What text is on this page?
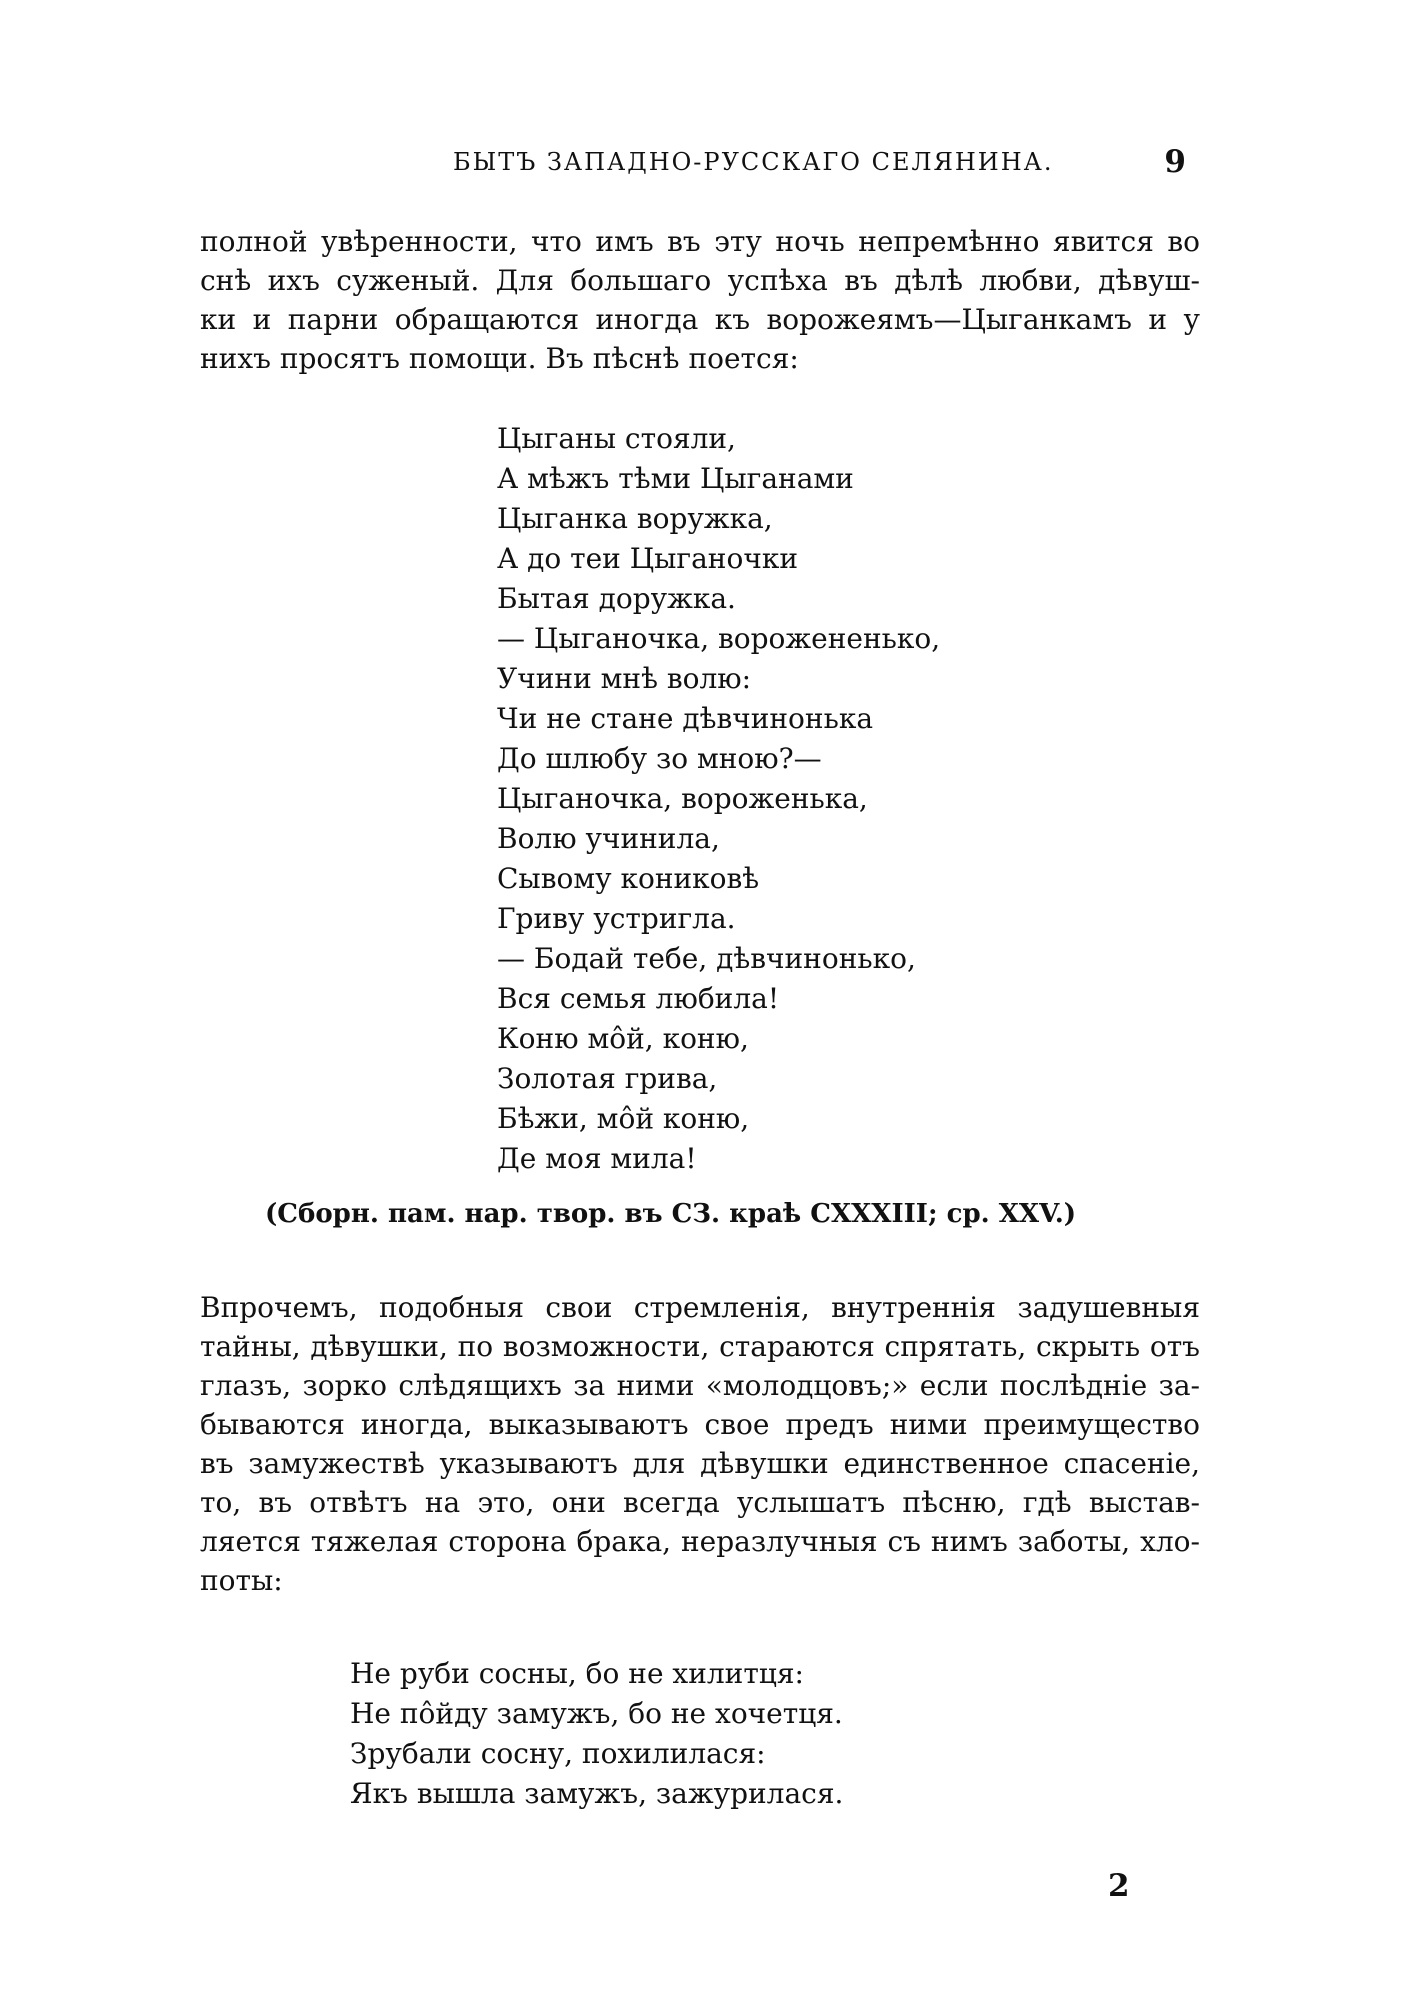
БЫТЪ ЗАПАДНО-РУССКАГО СЕЛЯНИНА.	9
полной увѣренности, что имъ въ эту ночь непремѣнно явится во
снѣ ихъ суженый. Для большаго успѣха въ дѣлѣ любви, дѣвуш-
ки и парни обращаются иногда къ ворожеямъ—Цыганкамъ и у
нихъ просятъ помощи. Въ пѣснѣ поется:
Цыганы стояли,
А мѣжъ тѣми Цыганами
Цыганка воружка,
А до теи Цыганочки
Бытая доружка.
— Цыганочка, ворожененько,
Учини мнѣ волю:
Чи не стане дѣвчинонька
До шлюбу зо мною?—
Цыганочка, вороженька,
Волю учинила,
Сывому кониковѣ
Гриву устригла.
— Бодай тебе, дѣвчинонько,
Вся семья любила!
Коню мôй, коню,
Золотая грива,
Бѣжи, мôй коню,
Де моя мила!
(Сборн. пам. нар. твор. въ СЗ. краѣ CXXXIII; ср. XXV.)
Впрочемъ, подобныя свои стремленія, внутреннія задушевныя
тайны, дѣвушки, по возможности, стараются спрятать, скрыть отъ
глазъ, зорко слѣдящихъ за ними «молодцовъ;» если послѣдніе за-
бываются иногда, выказываютъ свое предъ ними преимущество
въ замужествѣ указываютъ для дѣвушки единственное спасеніе,
то, въ отвѣтъ на это, они всегда услышатъ пѣсню, гдѣ выстав-
ляется тяжелая сторона брака, неразлучныя съ нимъ заботы, хло-
поты:
Не руби сосны, бо не хилитця:
Не пôйду замужъ, бо не хочетця.
Зрубали сосну, похилилася:
Якъ вышла замужъ, зажурилася.
2
